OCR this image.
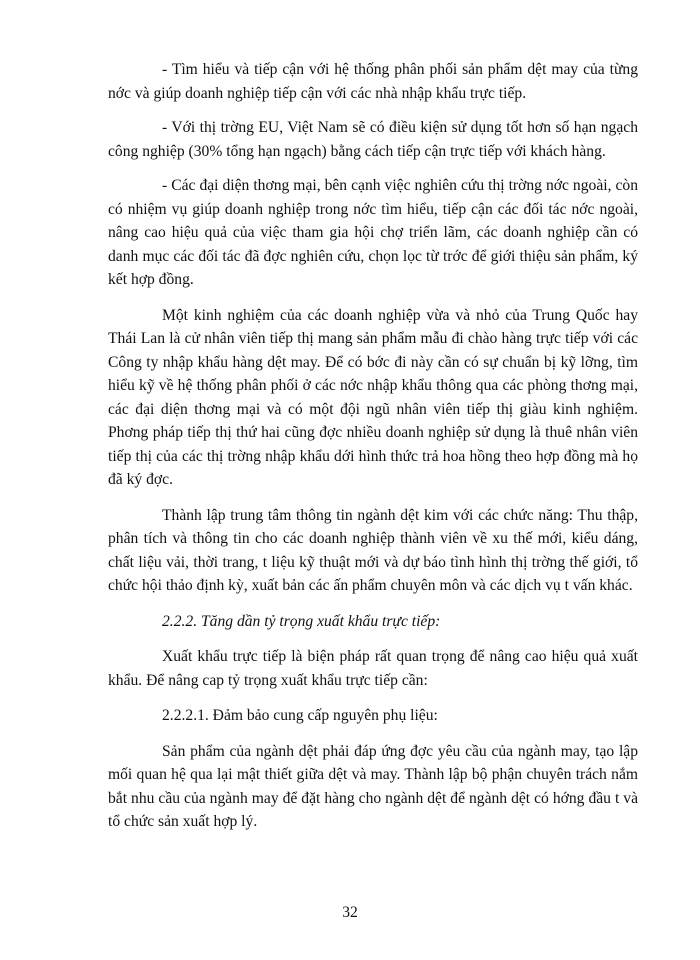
- Tìm hiểu và tiếp cận với hệ thống phân phối sản phẩm dệt may của từng nớc và giúp doanh nghiệp tiếp cận với các nhà nhập khẩu trực tiếp.

- Với thị trờng EU, Việt Nam sẽ có điều kiện sử dụng tốt hơn số hạn ngạch công nghiệp (30% tổng hạn ngạch) bằng cách tiếp cận trực tiếp với khách hàng.

- Các đại diện thơng mại, bên cạnh việc nghiên cứu thị trờng nớc ngoài, còn có nhiệm vụ giúp doanh nghiệp trong nớc tìm hiểu, tiếp cận các đối tác nớc ngoài, nâng cao hiệu quả của việc tham gia hội chợ triển lãm, các doanh nghiệp cần có danh mục các đối tác đã đợc nghiên cứu, chọn lọc từ trớc để giới thiệu sản phẩm, ký kết hợp đồng.

Một kinh nghiệm của các doanh nghiệp vừa và nhỏ của Trung Quốc hay Thái Lan là cử nhân viên tiếp thị mang sản phẩm mẫu đi chào hàng trực tiếp với các Công ty nhập khẩu hàng dệt may. Để có bớc đi này cần có sự chuẩn bị kỹ lỡng, tìm hiểu kỹ về hệ thống phân phối ở các nớc nhập khẩu thông qua các phòng thơng mại, các đại diện thơng mại và có một đội ngũ nhân viên tiếp thị giàu kinh nghiệm. Phơng pháp tiếp thị thứ hai cũng đợc nhiều doanh nghiệp sử dụng là thuê nhân viên tiếp thị của các thị trờng nhập khẩu dới hình thức trả hoa hồng theo hợp đồng mà họ đã ký đợc.

Thành lập trung tâm thông tin ngành dệt kim với các chức năng: Thu thập, phân tích và thông tin cho các doanh nghiệp thành viên về xu thế mới, kiểu dáng, chất liệu vải, thời trang, t liệu kỹ thuật mới và dự báo tình hình thị trờng thế giới, tổ chức hội thảo định kỳ, xuất bản các ấn phẩm chuyên môn và các dịch vụ t vấn khác.

2.2.2. Tăng dần tỷ trọng xuất khẩu trực tiếp:

Xuất khẩu trực tiếp là biện pháp rất quan trọng để nâng cao hiệu quả xuất khẩu. Để nâng cap tỷ trọng xuất khẩu trực tiếp cần:

2.2.2.1. Đảm bảo cung cấp nguyên phụ liệu:

Sản phẩm của ngành dệt phải đáp ứng đợc yêu cầu của ngành may, tạo lập mối quan hệ qua lại mật thiết giữa dệt và may. Thành lập bộ phận chuyên trách nắm bắt nhu cầu của ngành may để đặt hàng cho ngành dệt để ngành dệt có hớng đầu t và tổ chức sản xuất hợp lý.

32
